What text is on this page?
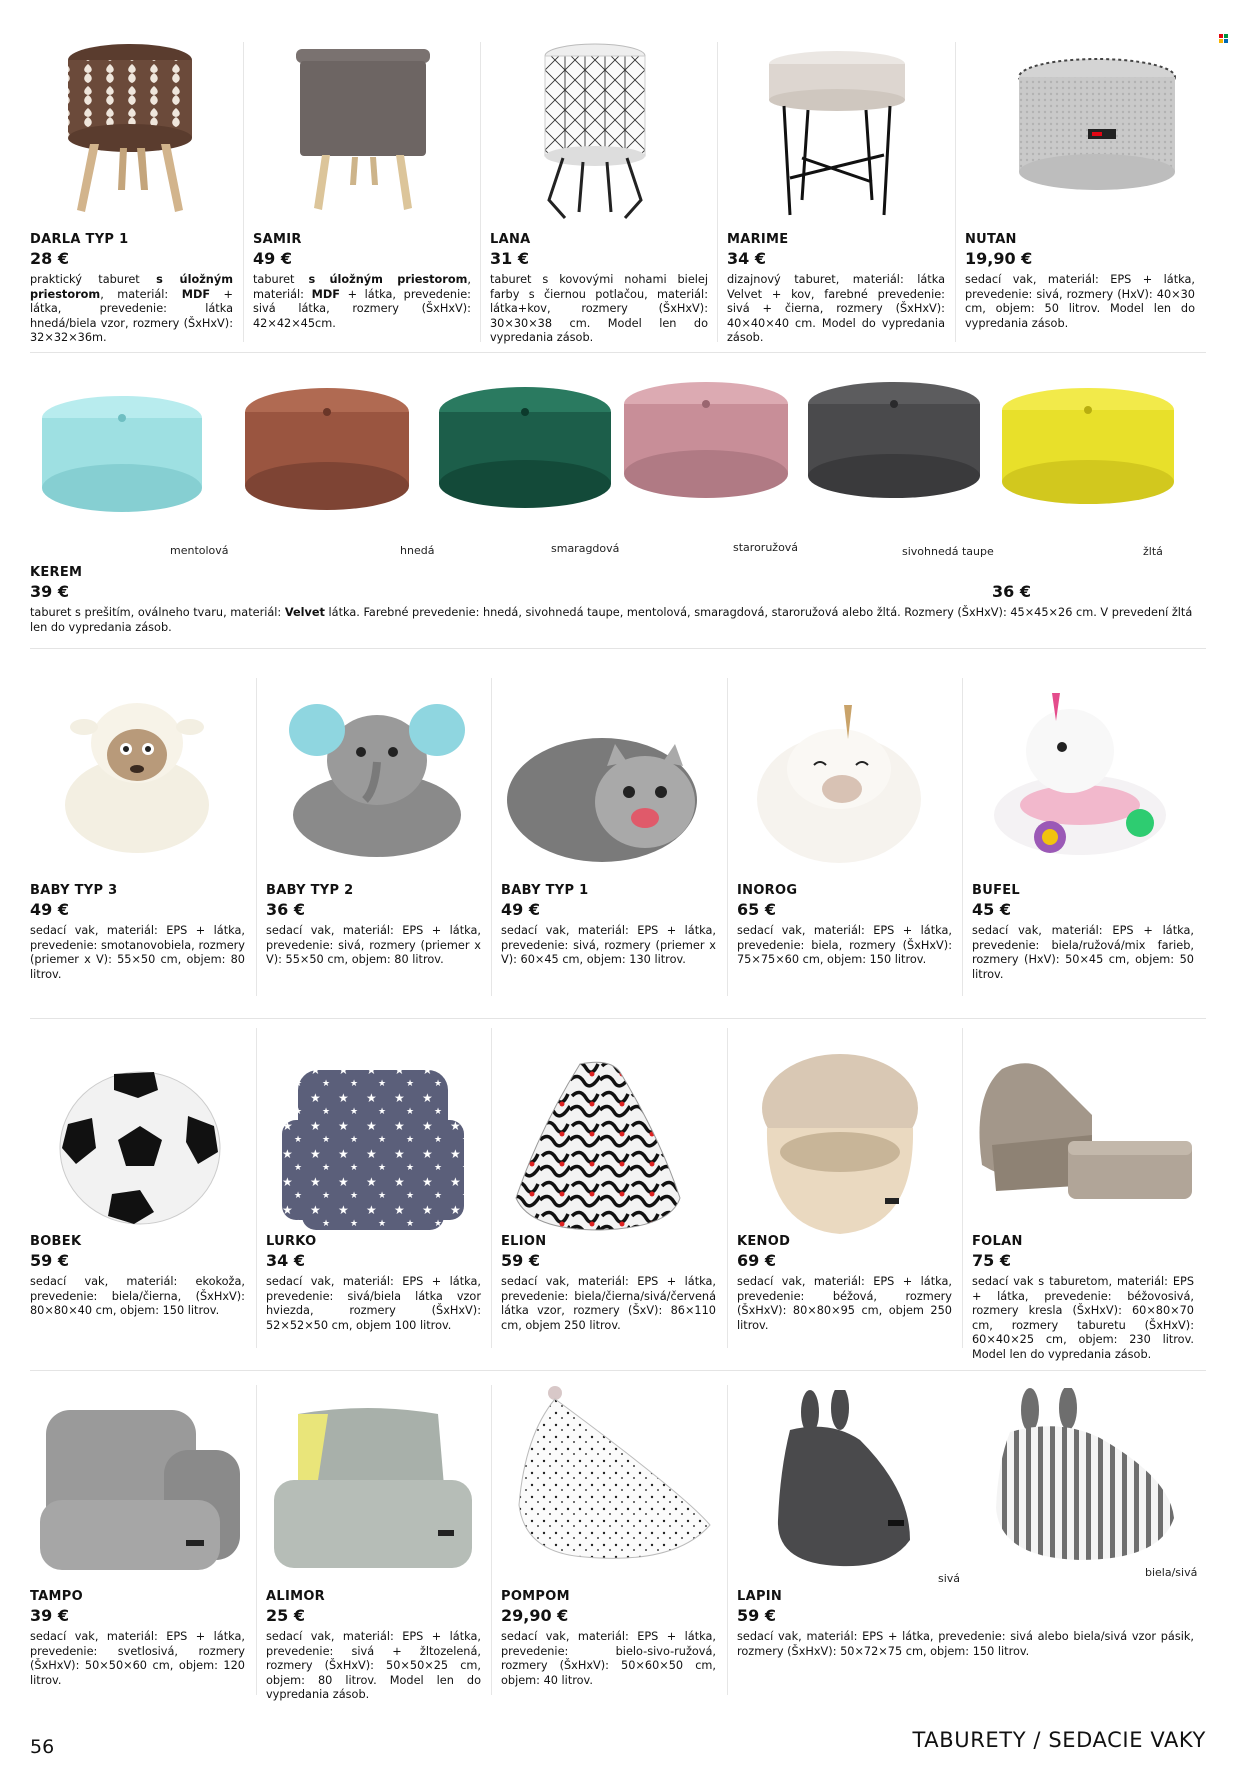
DARLA TYP 1
28 €
praktický taburet s úložným priestorom, materiál: MDF + látka, prevedenie: látka hnedá/biela vzor, rozmery (ŠxHxV): 32×32×36m.
SAMIR
49 €
taburet s úložným priestorom, materiál: MDF + látka, prevedenie: sivá látka, rozmery (ŠxHxV): 42×42×45cm.
LANA
31 €
taburet s kovovými nohami bielej farby s čiernou potlačou, materiál: látka+kov, rozmery (ŠxHxV): 30×30×38 cm. Model len do vypredania zásob.
MARIME
34 €
dizajnový taburet, materiál: látka Velvet + kov, farebné prevedenie: sivá + čierna, rozmery (ŠxHxV): 40×40×40 cm. Model do vypredania zásob.
NUTAN
19,90 €
sedací vak, materiál: EPS + látka, prevedenie: sivá, rozmery (HxV): 40×30 cm, objem: 50 litrov. Model len do vypredania zásob.
mentolová	hnedá	smaragdová	staroružová	sivohnedá taupe	žltá
KEREM
39 €	36 €
taburet s prešitím, oválneho tvaru, materiál: Velvet látka. Farebné prevedenie: hnedá, sivohnedá taupe, mentolová, smaragdová, staroružová alebo žltá. Rozmery (ŠxHxV): 45×45×26 cm. V prevedení žltá len do vypredania zásob.
BABY TYP 3
49 €
sedací vak, materiál: EPS + látka, prevedenie: smotanovobiela, rozmery (priemer x V): 55×50 cm, objem: 80 litrov.
BABY TYP 2
36 €
sedací vak, materiál: EPS + látka, prevedenie: sivá, rozmery (priemer x V): 55×50 cm, objem: 80 litrov.
BABY TYP 1
49 €
sedací vak, materiál: EPS + látka, prevedenie: sivá, rozmery (priemer x V): 60×45 cm, objem: 130 litrov.
INOROG
65 €
sedací vak, materiál: EPS + látka, prevedenie: biela, rozmery (ŠxHxV): 75×75×60 cm, objem: 150 litrov.
BUFEL
45 €
sedací vak, materiál: EPS + látka, prevedenie: biela/ružová/mix farieb, rozmery (HxV): 50×45 cm, objem: 50 litrov.
BOBEK
59 €
sedací vak, materiál: ekokoža, prevedenie: biela/čierna, (ŠxHxV): 80×80×40 cm, objem: 150 litrov.
LURKO
34 €
sedací vak, materiál: EPS + látka, prevedenie: sivá/biela látka vzor hviezda, rozmery (ŠxHxV): 52×52×50 cm, objem 100 litrov.
ELION
59 €
sedací vak, materiál: EPS + látka, prevedenie: biela/čierna/sivá/červená látka vzor, rozmery (ŠxV): 86×110 cm, objem 250 litrov.
KENOD
69 €
sedací vak, materiál: EPS + látka, prevedenie: béžová, rozmery (ŠxHxV): 80×80×95 cm, objem 250 litrov.
FOLAN
75 €
sedací vak s taburetom, materiál: EPS + látka, prevedenie: béžovosivá, rozmery kresla (ŠxHxV): 60×80×70 cm, rozmery taburetu (ŠxHxV): 60×40×25 cm, objem: 230 litrov. Model len do vypredania zásob.
sivá	biela/sivá
TAMPO
39 €
sedací vak, materiál: EPS + látka, prevedenie: svetlosivá, rozmery (ŠxHxV): 50×50×60 cm, objem: 120 litrov.
ALIMOR
25 €
sedací vak, materiál: EPS + látka, prevedenie: sivá + žltozelená, rozmery (ŠxHxV): 50×50×25 cm, objem: 80 litrov. Model len do vypredania zásob.
POMPOM
29,90 €
sedací vak, materiál: EPS + látka, prevedenie: bielo-sivo-ružová, rozmery (ŠxHxV): 50×60×50 cm, objem: 40 litrov.
LAPIN
59 €
sedací vak, materiál: EPS + látka, prevedenie: sivá alebo biela/sivá vzor pásik, rozmery (ŠxHxV): 50×72×75 cm, objem: 150 litrov.
56	TABURETY / SEDACIE VAKY
